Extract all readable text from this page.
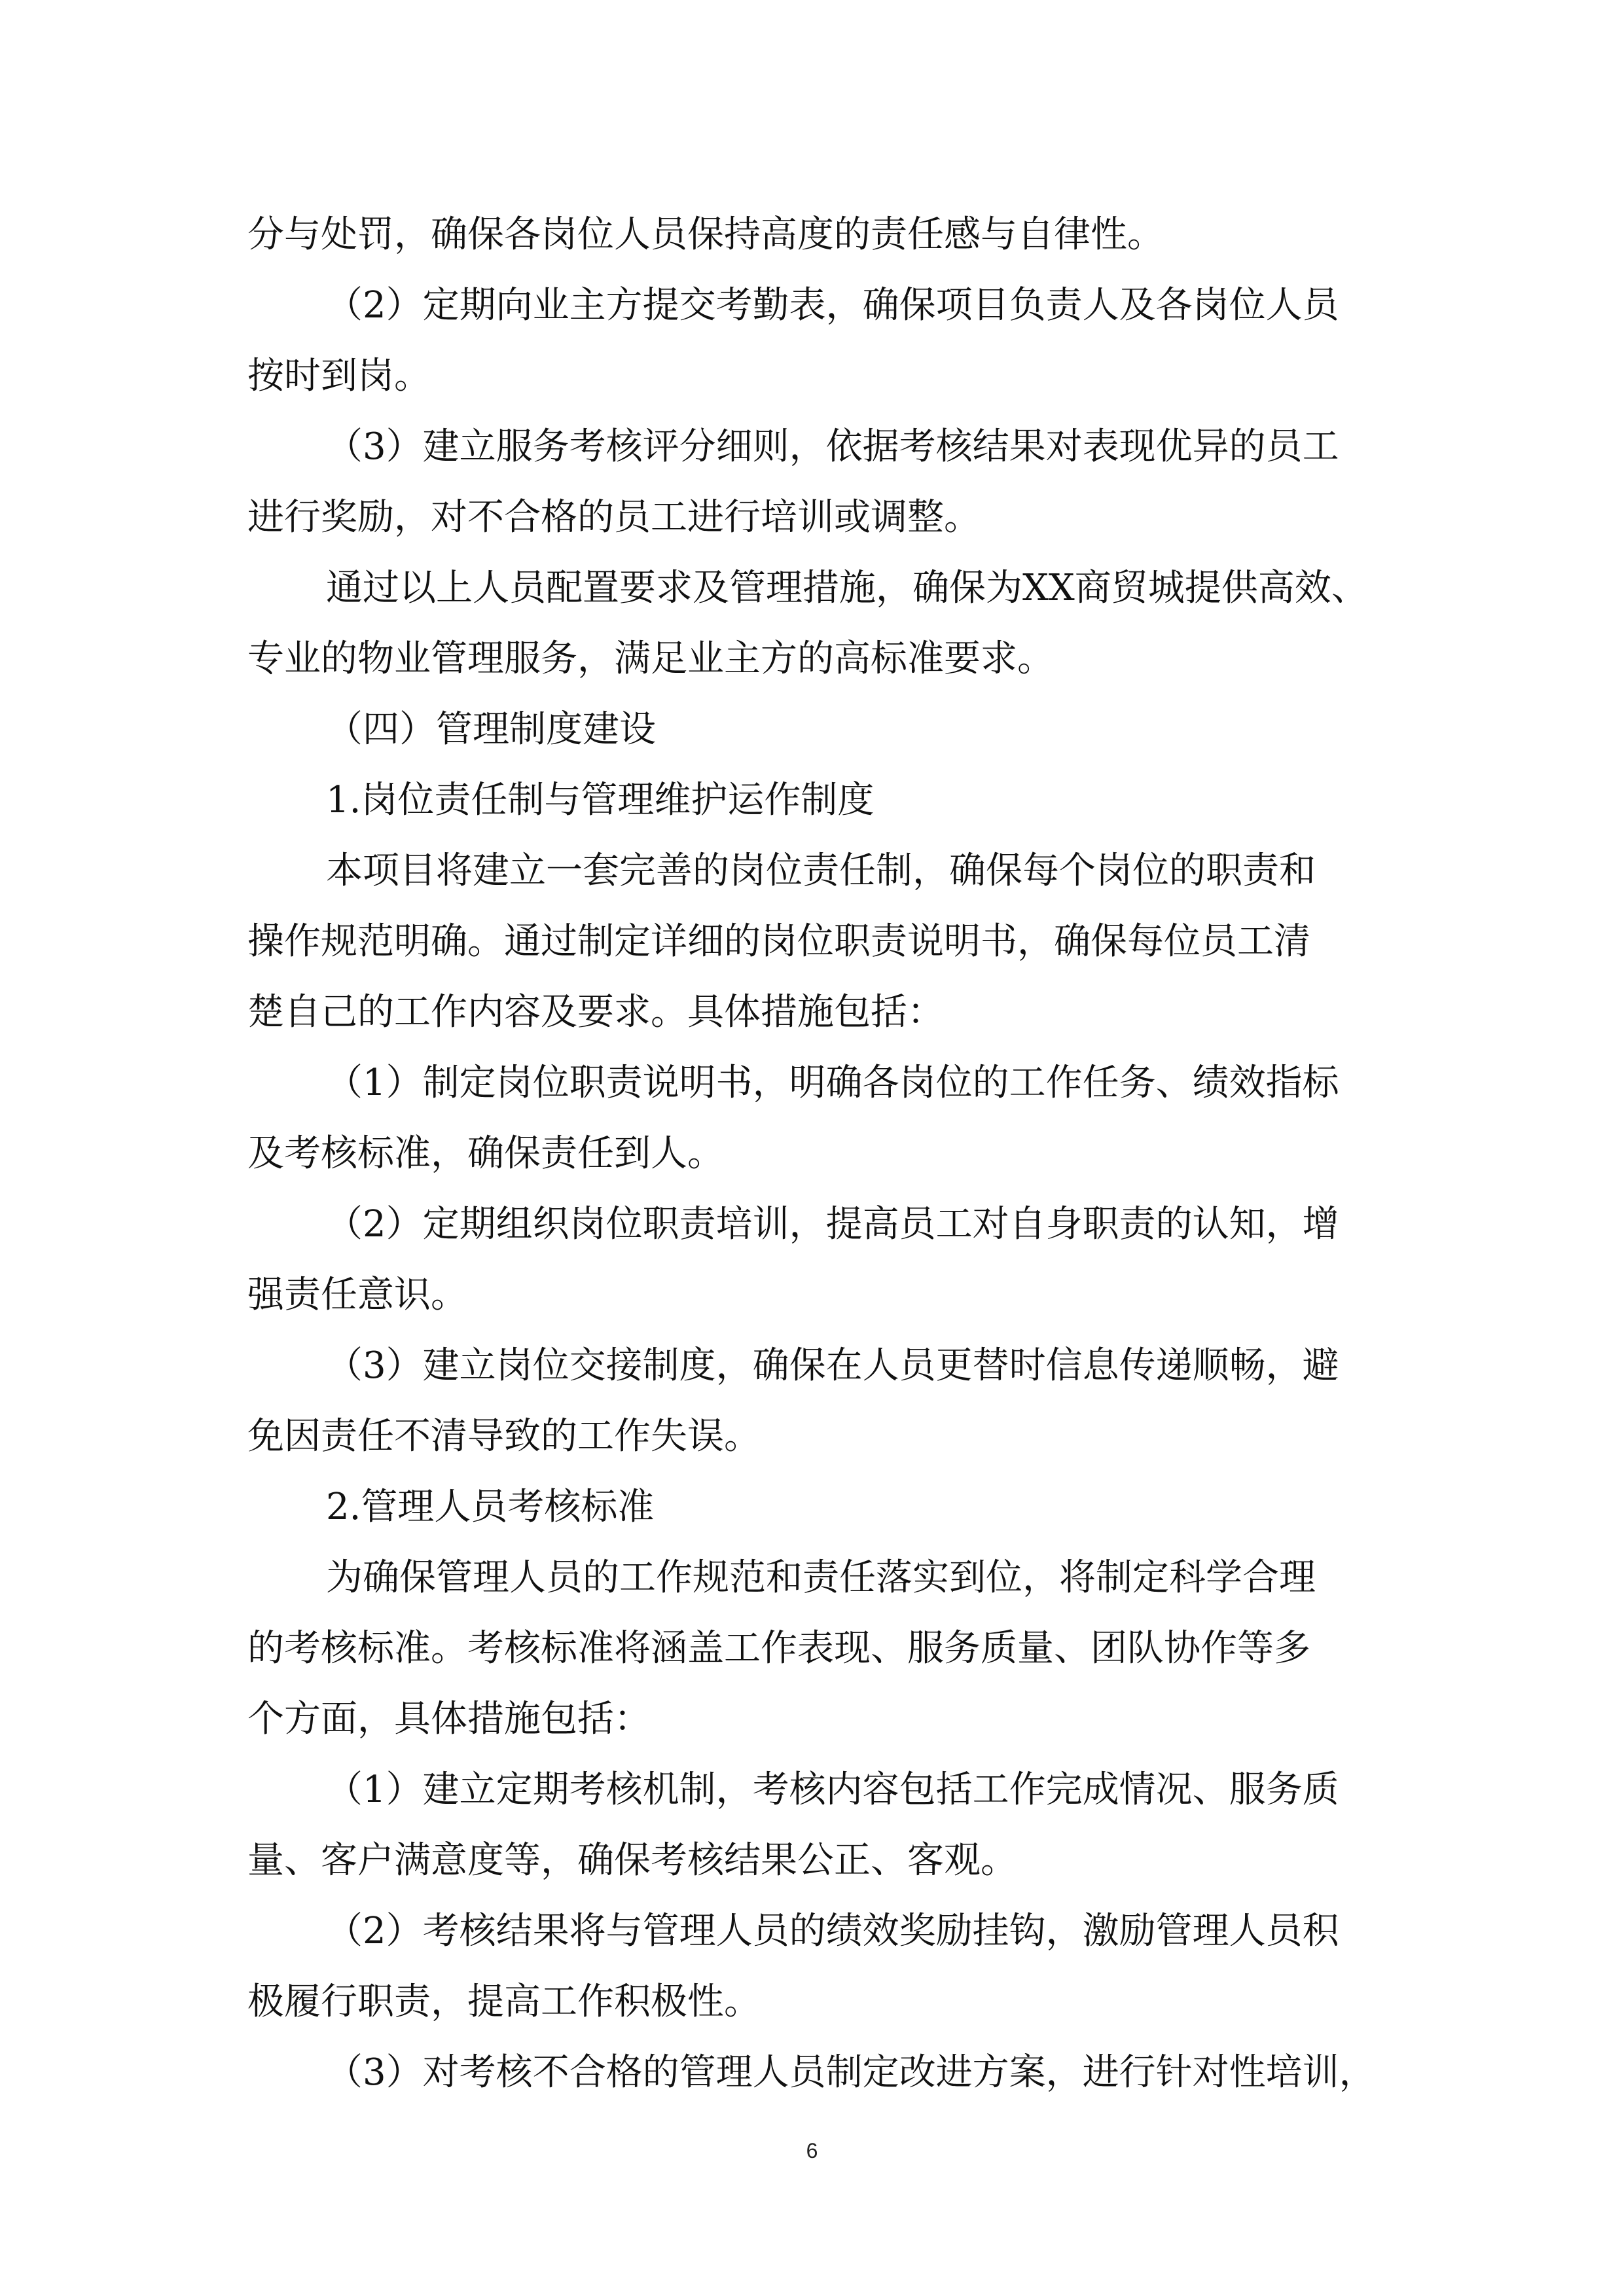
分与处罚，确保各岗位人员保持高度的责任感与自律性。
（2）定期向业主方提交考勤表，确保项目负责人及各岗位人员
按时到岗。
（3）建立服务考核评分细则，依据考核结果对表现优异的员工
进行奖励，对不合格的员工进行培训或调整。
通过以上人员配置要求及管理措施，确保为XX商贸城提供高效、
专业的物业管理服务，满足业主方的高标准要求。
（四）管理制度建设
1.岗位责任制与管理维护运作制度
本项目将建立一套完善的岗位责任制，确保每个岗位的职责和
操作规范明确。通过制定详细的岗位职责说明书，确保每位员工清
楚自己的工作内容及要求。具体措施包括：
（1）制定岗位职责说明书，明确各岗位的工作任务、绩效指标
及考核标准，确保责任到人。
（2）定期组织岗位职责培训，提高员工对自身职责的认知，增
强责任意识。
（3）建立岗位交接制度，确保在人员更替时信息传递顺畅，避
免因责任不清导致的工作失误。
2.管理人员考核标准
为确保管理人员的工作规范和责任落实到位，将制定科学合理
的考核标准。考核标准将涵盖工作表现、服务质量、团队协作等多
个方面，具体措施包括：
（1）建立定期考核机制，考核内容包括工作完成情况、服务质
量、客户满意度等，确保考核结果公正、客观。
（2）考核结果将与管理人员的绩效奖励挂钩，激励管理人员积
极履行职责，提高工作积极性。
（3）对考核不合格的管理人员制定改进方案，进行针对性培训，
6
